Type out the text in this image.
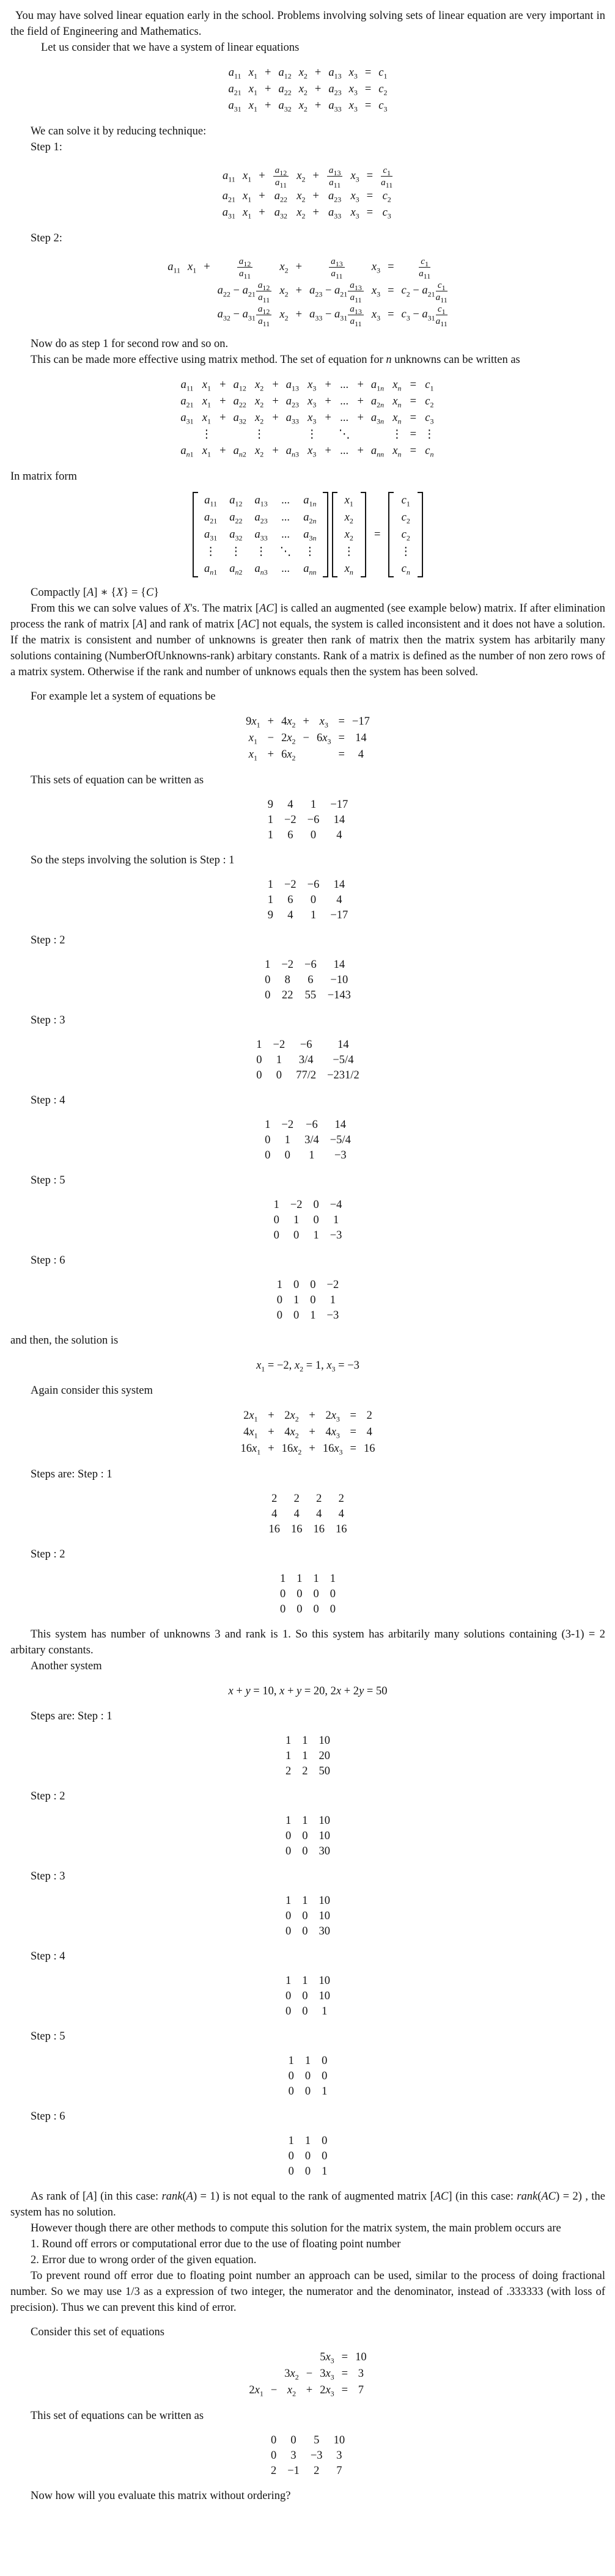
You may have solved linear equation early in the school. Problems involving solving sets of linear equation are very important in the field of Engineering and Mathematics.
Let us consider that we have a system of linear equations
$a_{11}$	$x_1$	+	$a_{12}$	$x_2$	+	$a_{13}$	$x_3$	=	$c_1$
$a_{21}$	$x_1$	+	$a_{22}$	$x_2$	+	$a_{23}$	$x_3$	=	$c_2$
$a_{31}$	$x_1$	+	$a_{32}$	$x_2$	+	$a_{33}$	$x_3$	=	$c_3$
We can solve it by reducing technique:
Step 1:
$a_{11}$	$x_1$	+	$\frac{a_{12}}{a_{11}}$	$x_2$	+	$\frac{a_{13}}{a_{11}}$	$x_3$	=	$\frac{c_1}{a_{11}}$

$a_{21}$	$x_1$	+	$a_{22}$	$x_2$	+	$a_{23}$	$x_3$	=	$c_2$
$a_{31}$	$x_1$	+	$a_{32}$	$x_2$	+	$a_{33}$	$x_3$	=	$c_3$
Step 2:
$a_{11}$	$x_1$	+	$\frac{a_{12}}{a_{11}}$	$x_2$	+	$\frac{a_{13}}{a_{11}}$	$x_3$	=	$\frac{c_1}{a_{11}}$

			$a_{22} - a_{21} \frac{a_{12}}{a_{11}}$	$x_2$	+	$a_{23} - a_{21} \frac{a_{13}}{a_{11}}$	$x_3$	=	$c_2 - a_{21} \frac{c_1}{a_{11}}$

			$a_{32} - a_{31} \frac{a_{12}}{a_{11}}$	$x_2$	+	$a_{33} - a_{31} \frac{a_{13}}{a_{11}}$	$x_3$	=	$c_3 - a_{31} \frac{c_1}{a_{11}}$
Now do as step 1 for second row and so on.
This can be made more effective using matrix method. The set of equation for n unknowns can be written as
$a_{11}$	$x_1$	+	$a_{12}$	$x_2$	+	$a_{13}$	$x_3$	+	...	+	$a_{1n}$	$x_n$	=	$c_1$
$a_{21}$	$x_1$	+	$a_{22}$	$x_2$	+	$a_{23}$	$x_3$	+	...	+	$a_{2n}$	$x_n$	=	$c_2$
$a_{31}$	$x_1$	+	$a_{32}$	$x_2$	+	$a_{33}$	$x_3$	+	...	+	$a_{3n}$	$x_n$	=	$c_3$
	⋮			⋮			⋮		⋱			⋮	=	⋮
$a_{n1}$	$x_1$	+	$a_{n2}$	$x_2$	+	$a_{n3}$	$x_3$	+	...	+	$a_{nn}$	$x_n$	=	$c_n$
In matrix form
$a_{11}$	$a_{12}$	$a_{13}$	...	$a_{1n}$
$a_{21}$	$a_{22}$	$a_{23}$	...	$a_{2n}$
$a_{31}$	$a_{32}$	$a_{33}$	...	$a_{3n}$
⋮	⋮	⋮	⋱	⋮
$a_{n1}$	$a_{n2}$	$a_{n3}$	...	$a_{nn}$
$x_1$
$x_2$
$x_2$
⋮
$x_n$
=
$c_1$
$c_2$
$c_2$
⋮
$c_n$
Compactly [A] ∗ {X} = {C}
From this we can solve values of X's. The matrix [AC] is called an augmented (see example below) matrix. If after elimination process the rank of matrix [A] and rank of matrix [AC] not equals, the system is called inconsistent and it does not have a solution. If the matrix is consistent and number of unknowns is greater then rank of matrix then the matrix system has arbitarily many solutions containing (NumberOfUnknowns-rank) arbitary constants. Rank of a matrix is defined as the number of non zero rows of a matrix system. Otherwise if the rank and number of unknows equals then the system has been solved.
For example let a system of equations be
$9x_1$	+	$4x_2$	+	$x_3$	=	−17
$x_1$	−	$2x_2$	−	$6x_3$	=	14
$x_1$	+	$6x_2$			=	4
This sets of equation can be written as
9	4	1	−17
1	−2	−6	14
1	6	0	4
So the steps involving the solution is Step : 1
1	−2	−6	14
1	6	0	4
9	4	1	−17
Step : 2
1	−2	−6	14
0	8	6	−10
0	22	55	−143
Step : 3
1	−2	−6	14
0	1	3/4	−5/4
0	0	77/2	−231/2
Step : 4
1	−2	−6	14
0	1	3/4	−5/4
0	0	1	−3
Step : 5
1	−2	0	−4
0	1	0	1
0	0	1	−3
Step : 6
1	0	0	−2
0	1	0	1
0	0	1	−3
and then, the solution is
$x_1 = -2$, $x_2 = 1$, $x_3 = -3$
Again consider this system
$2x_1$	+	$2x_2$	+	$2x_3$	=	2
$4x_1$	+	$4x_2$	+	$4x_3$	=	4
$16x_1$	+	$16x_2$	+	$16x_3$	=	16
Steps are: Step : 1
2	2	2	2
4	4	4	4
16	16	16	16
Step : 2
1	1	1	1
0	0	0	0
0	0	0	0
This system has number of unknowns 3 and rank is 1. So this system has arbitarily many solutions containing (3-1) = 2 arbitary constants.
Another system
x + y = 10, x + y = 20, 2x + 2y = 50
Steps are: Step : 1
1	1	10
1	1	20
2	2	50
Step : 2
1	1	10
0	0	10
0	0	30
Step : 3
1	1	10
0	0	10
0	0	30
Step : 4
1	1	10
0	0	10
0	0	1
Step : 5
1	1	0
0	0	0
0	0	1
Step : 6
1	1	0
0	0	0
0	0	1
As rank of [A] (in this case: rank(A) = 1) is not equal to the rank of augmented matrix [AC] (in this case: rank(AC) = 2) , the system has no solution.
However though there are other methods to compute this solution for the matrix system, the main problem occurs are
1. Round off errors or computational error due to the use of floating point number
2. Error due to wrong order of the given equation.
To prevent round off error due to floating point number an approach can be used, similar to the process of doing fractional number. So we may use 1/3 as a expression of two integer, the numerator and the denominator, instead of .333333 (with loss of precision). Thus we can prevent this kind of error.
Consider this set of equations
				$5x_3$	=	10
		$3x_2$	−	$3x_3$	=	3
$2x_1$	−	$x_2$	+	$2x_3$	=	7
This set of equations can be written as
0	0	5	10
0	3	−3	3
2	−1	2	7
Now how will you evaluate this matrix without ordering?
